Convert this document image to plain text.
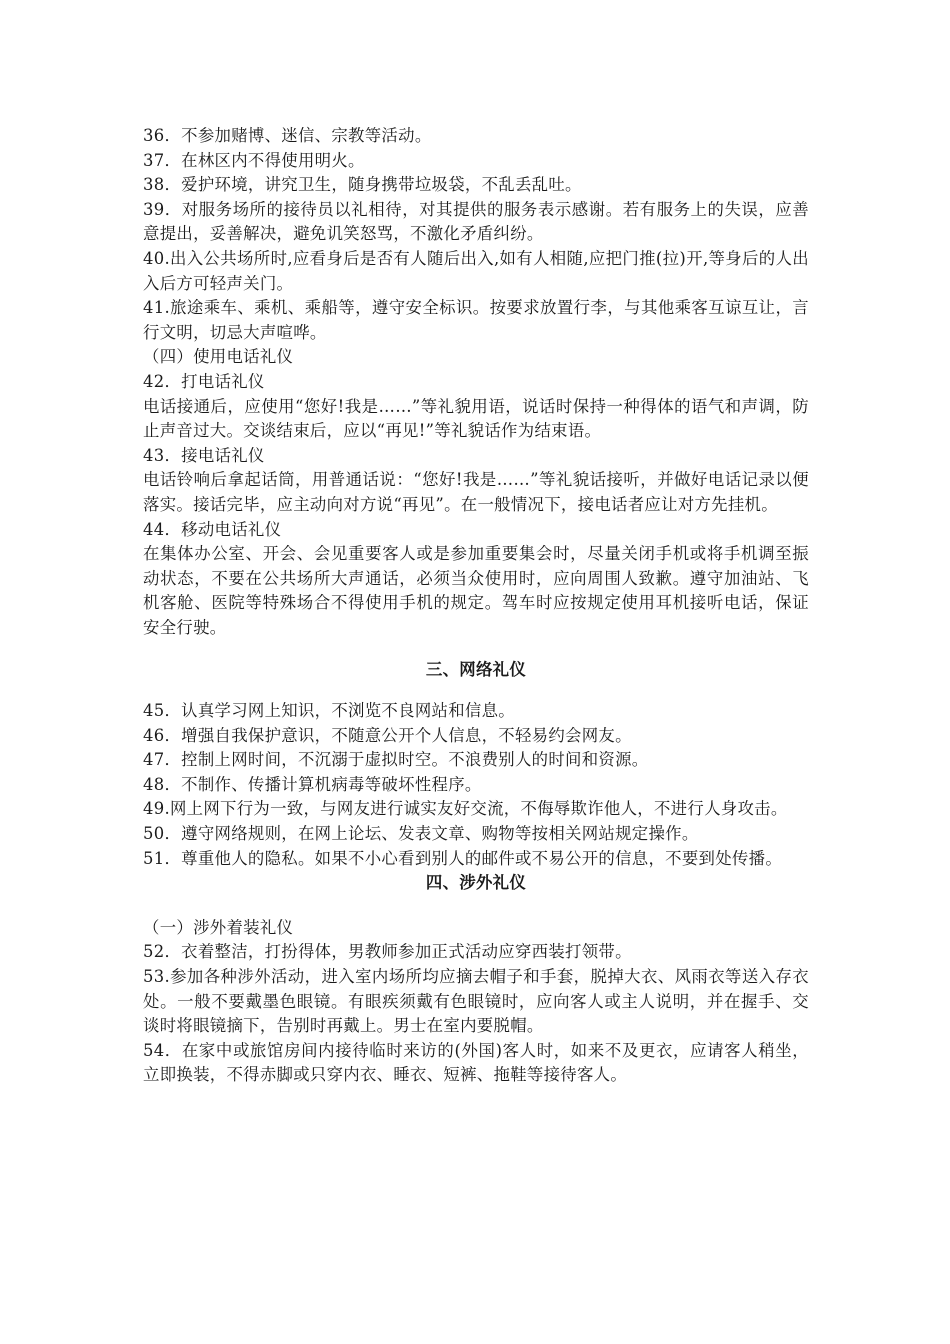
36．不参加赌博、迷信、宗教等活动。

37．在林区内不得使用明火。

38．爱护环境，讲究卫生，随身携带垃圾袋，不乱丢乱吐。

39．对服务场所的接待员以礼相待，对其提供的服务表示感谢。若有服务上的失误，应善意提出，妥善解决，避免讥笑怒骂，不激化矛盾纠纷。

40.出入公共场所时,应看身后是否有人随后出入,如有人相随,应把门推(拉)开,等身后的人出入后方可轻声关门。

41.旅途乘车、乘机、乘船等，遵守安全标识。按要求放置行李，与其他乘客互谅互让，言行文明，切忌大声喧哗。

（四）使用电话礼仪

42．打电话礼仪

电话接通后，应使用“您好!我是……”等礼貌用语，说话时保持一种得体的语气和声调，防止声音过大。交谈结束后，应以“再见!”等礼貌话作为结束语。

43．接电话礼仪

电话铃响后拿起话筒，用普通话说：“您好!我是……”等礼貌话接听，并做好电话记录以便落实。接话完毕，应主动向对方说“再见”。在一般情况下，接电话者应让对方先挂机。

44．移动电话礼仪

在集体办公室、开会、会见重要客人或是参加重要集会时，尽量关闭手机或将手机调至振动状态，不要在公共场所大声通话，必须当众使用时，应向周围人致歉。遵守加油站、飞机客舱、医院等特殊场合不得使用手机的规定。驾车时应按规定使用耳机接听电话，保证安全行驶。

三、网络礼仪

45．认真学习网上知识，不浏览不良网站和信息。

46．增强自我保护意识，不随意公开个人信息，不轻易约会网友。

47．控制上网时间，不沉溺于虚拟时空。不浪费别人的时间和资源。

48．不制作、传播计算机病毒等破坏性程序。

49.网上网下行为一致，与网友进行诚实友好交流，不侮辱欺诈他人，不进行人身攻击。

50．遵守网络规则，在网上论坛、发表文章、购物等按相关网站规定操作。

51．尊重他人的隐私。如果不小心看到别人的邮件或不易公开的信息，不要到处传播。

四、涉外礼仪

（一）涉外着装礼仪

52．衣着整洁，打扮得体，男教师参加正式活动应穿西装打领带。

53.参加各种涉外活动，进入室内场所均应摘去帽子和手套，脱掉大衣、风雨衣等送入存衣处。一般不要戴墨色眼镜。有眼疾须戴有色眼镜时，应向客人或主人说明，并在握手、交谈时将眼镜摘下，告别时再戴上。男士在室内要脱帽。

54．在家中或旅馆房间内接待临时来访的(外国)客人时，如来不及更衣，应请客人稍坐，立即换装，不得赤脚或只穿内衣、睡衣、短裤、拖鞋等接待客人。
